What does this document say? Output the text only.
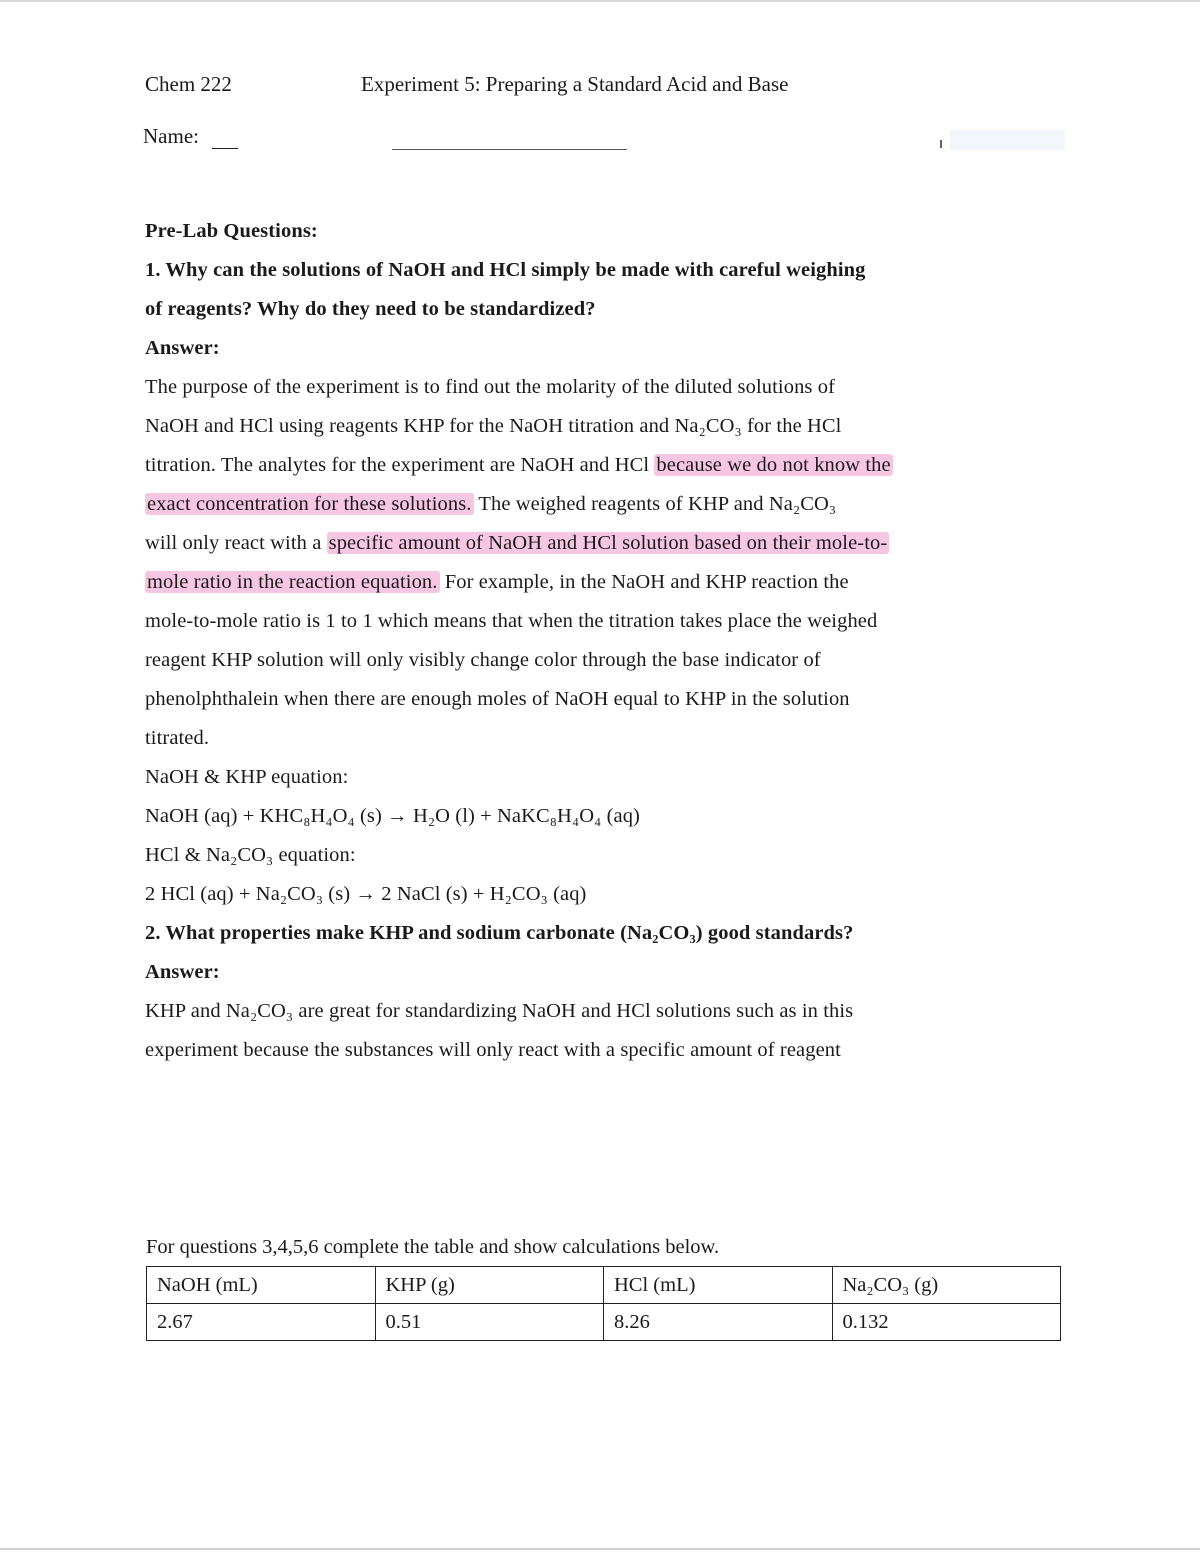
Chem 222	Experiment 5: Preparing a Standard Acid and Base
Name:
Pre-Lab Questions:
1. Why can the solutions of NaOH and HCl simply be made with careful weighing
of reagents? Why do they need to be standardized?
Answer:
The purpose of the experiment is to find out the molarity of the diluted solutions of
NaOH and HCl using reagents KHP for the NaOH titration and Na₂CO₃ for the HCl
titration. The analytes for the experiment are NaOH and HCl because we do not know the
exact concentration for these solutions. The weighed reagents of KHP and Na₂CO₃
will only react with a specific amount of NaOH and HCl solution based on their mole-to-
mole ratio in the reaction equation. For example, in the NaOH and KHP reaction the
mole-to-mole ratio is 1 to 1 which means that when the titration takes place the weighed
reagent KHP solution will only visibly change color through the base indicator of
phenolphthalein when there are enough moles of NaOH equal to KHP in the solution
titrated.
NaOH & KHP equation:
NaOH (aq) + KHC₈H₄O₄ (s) → H₂O (l) + NaKC₈H₄O₄ (aq)
HCl & Na₂CO₃ equation:
2 HCl (aq) + Na₂CO₃ (s) → 2 NaCl (s) + H₂CO₃ (aq)
2. What properties make KHP and sodium carbonate (Na₂CO₃) good standards?
Answer:
KHP and Na₂CO₃ are great for standardizing NaOH and HCl solutions such as in this
experiment because the substances will only react with a specific amount of reagent
For questions 3,4,5,6 complete the table and show calculations below.
NaOH (mL)	KHP (g)	HCl (mL)	Na₂CO₃ (g)
2.67	0.51	8.26	0.132
